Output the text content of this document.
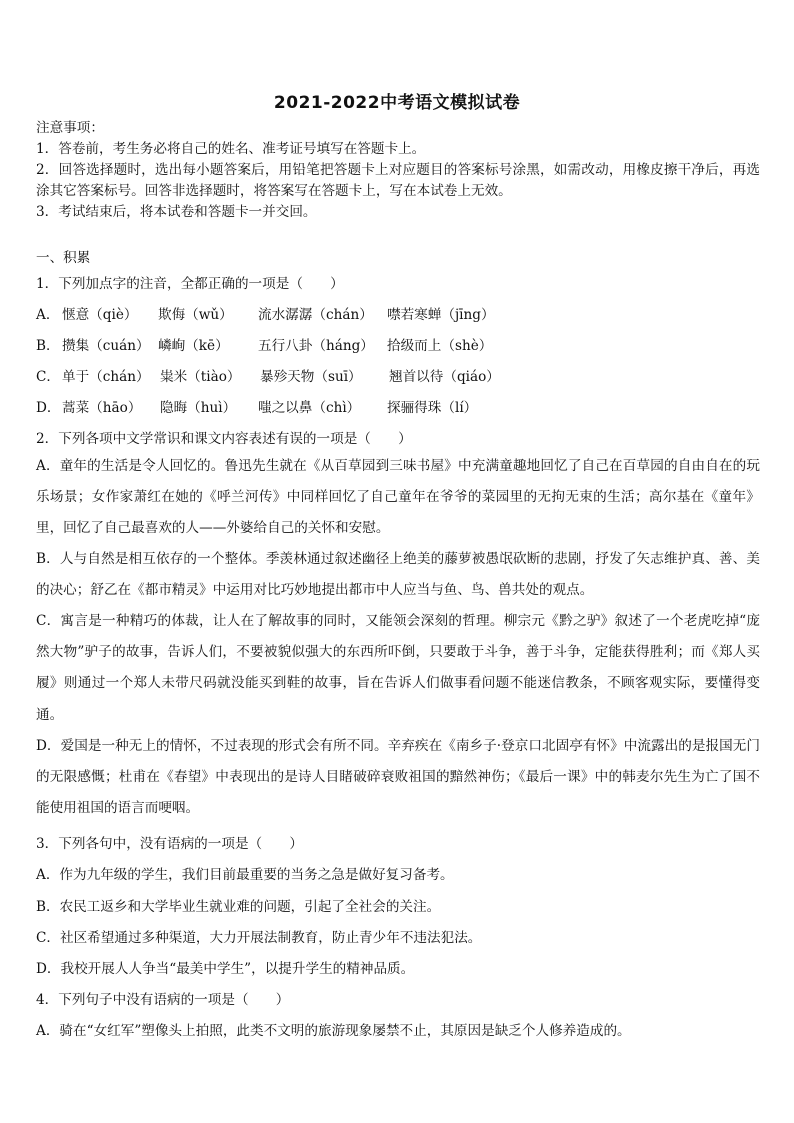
2021-2022中考语文模拟试卷
注意事项：
1．答卷前，考生务必将自己的姓名、准考证号填写在答题卡上。
2．回答选择题时，选出每小题答案后，用铅笔把答题卡上对应题目的答案标号涂黑，如需改动，用橡皮擦干净后，再选涂其它答案标号。回答非选择题时，将答案写在答题卡上，写在本试卷上无效。
3．考试结束后，将本试卷和答题卡一并交回。
一、积累
1．下列加点字的注音，全都正确的一项是（　　）
A． 惬意（qiè） 欺侮（wǔ） 流水潺潺（chán） 噤若寒蝉（jīng）
B． 攒集（cuán） 嶙峋（kē） 五行八卦（háng） 拾级而上（shè）
C． 单于（chán） 粜米（tiào） 暴殄天物（suī） 翘首以待（qiáo）
D． 蒿菜（hāo） 隐晦（huì） 嗤之以鼻（chì） 探骊得珠（lí）
2．下列各项中文学常识和课文内容表述有误的一项是（　　）
A．童年的生活是令人回忆的。鲁迅先生就在《从百草园到三味书屋》中充满童趣地回忆了自己在百草园的自由自在的玩乐场景；女作家萧红在她的《呼兰河传》中同样回忆了自己童年在爷爷的菜园里的无拘无束的生活；高尔基在《童年》里，回忆了自己最喜欢的人——外婆给自己的关怀和安慰。
B．人与自然是相互依存的一个整体。季羡林通过叙述幽径上绝美的藤萝被愚氓砍断的悲剧，抒发了矢志维护真、善、美的决心；舒乙在《都市精灵》中运用对比巧妙地提出都市中人应当与鱼、鸟、兽共处的观点。
C．寓言是一种精巧的体裁，让人在了解故事的同时，又能领会深刻的哲理。柳宗元《黔之驴》叙述了一个老虎吃掉“庞然大物”驴子的故事，告诉人们，不要被貌似强大的东西所吓倒，只要敢于斗争，善于斗争，定能获得胜利；而《郑人买履》则通过一个郑人未带尺码就没能买到鞋的故事，旨在告诉人们做事看问题不能迷信教条，不顾客观实际，要懂得变通。
D．爱国是一种无上的情怀，不过表现的形式会有所不同。辛弃疾在《南乡子·登京口北固亭有怀》中流露出的是报国无门的无限感慨；杜甫在《春望》中表现出的是诗人目睹破碎衰败祖国的黯然神伤；《最后一课》中的韩麦尔先生为亡了国不能使用祖国的语言而哽咽。
3．下列各句中，没有语病的一项是（　　）
A．作为九年级的学生，我们目前最重要的当务之急是做好复习备考。
B．农民工返乡和大学毕业生就业难的问题，引起了全社会的关注。
C．社区希望通过多种渠道，大力开展法制教育，防止青少年不违法犯法。
D．我校开展人人争当“最美中学生”，以提升学生的精神品质。
4．下列句子中没有语病的一项是（　　）
A．骑在“女红军”塑像头上拍照，此类不文明的旅游现象屡禁不止，其原因是缺乏个人修养造成的。
